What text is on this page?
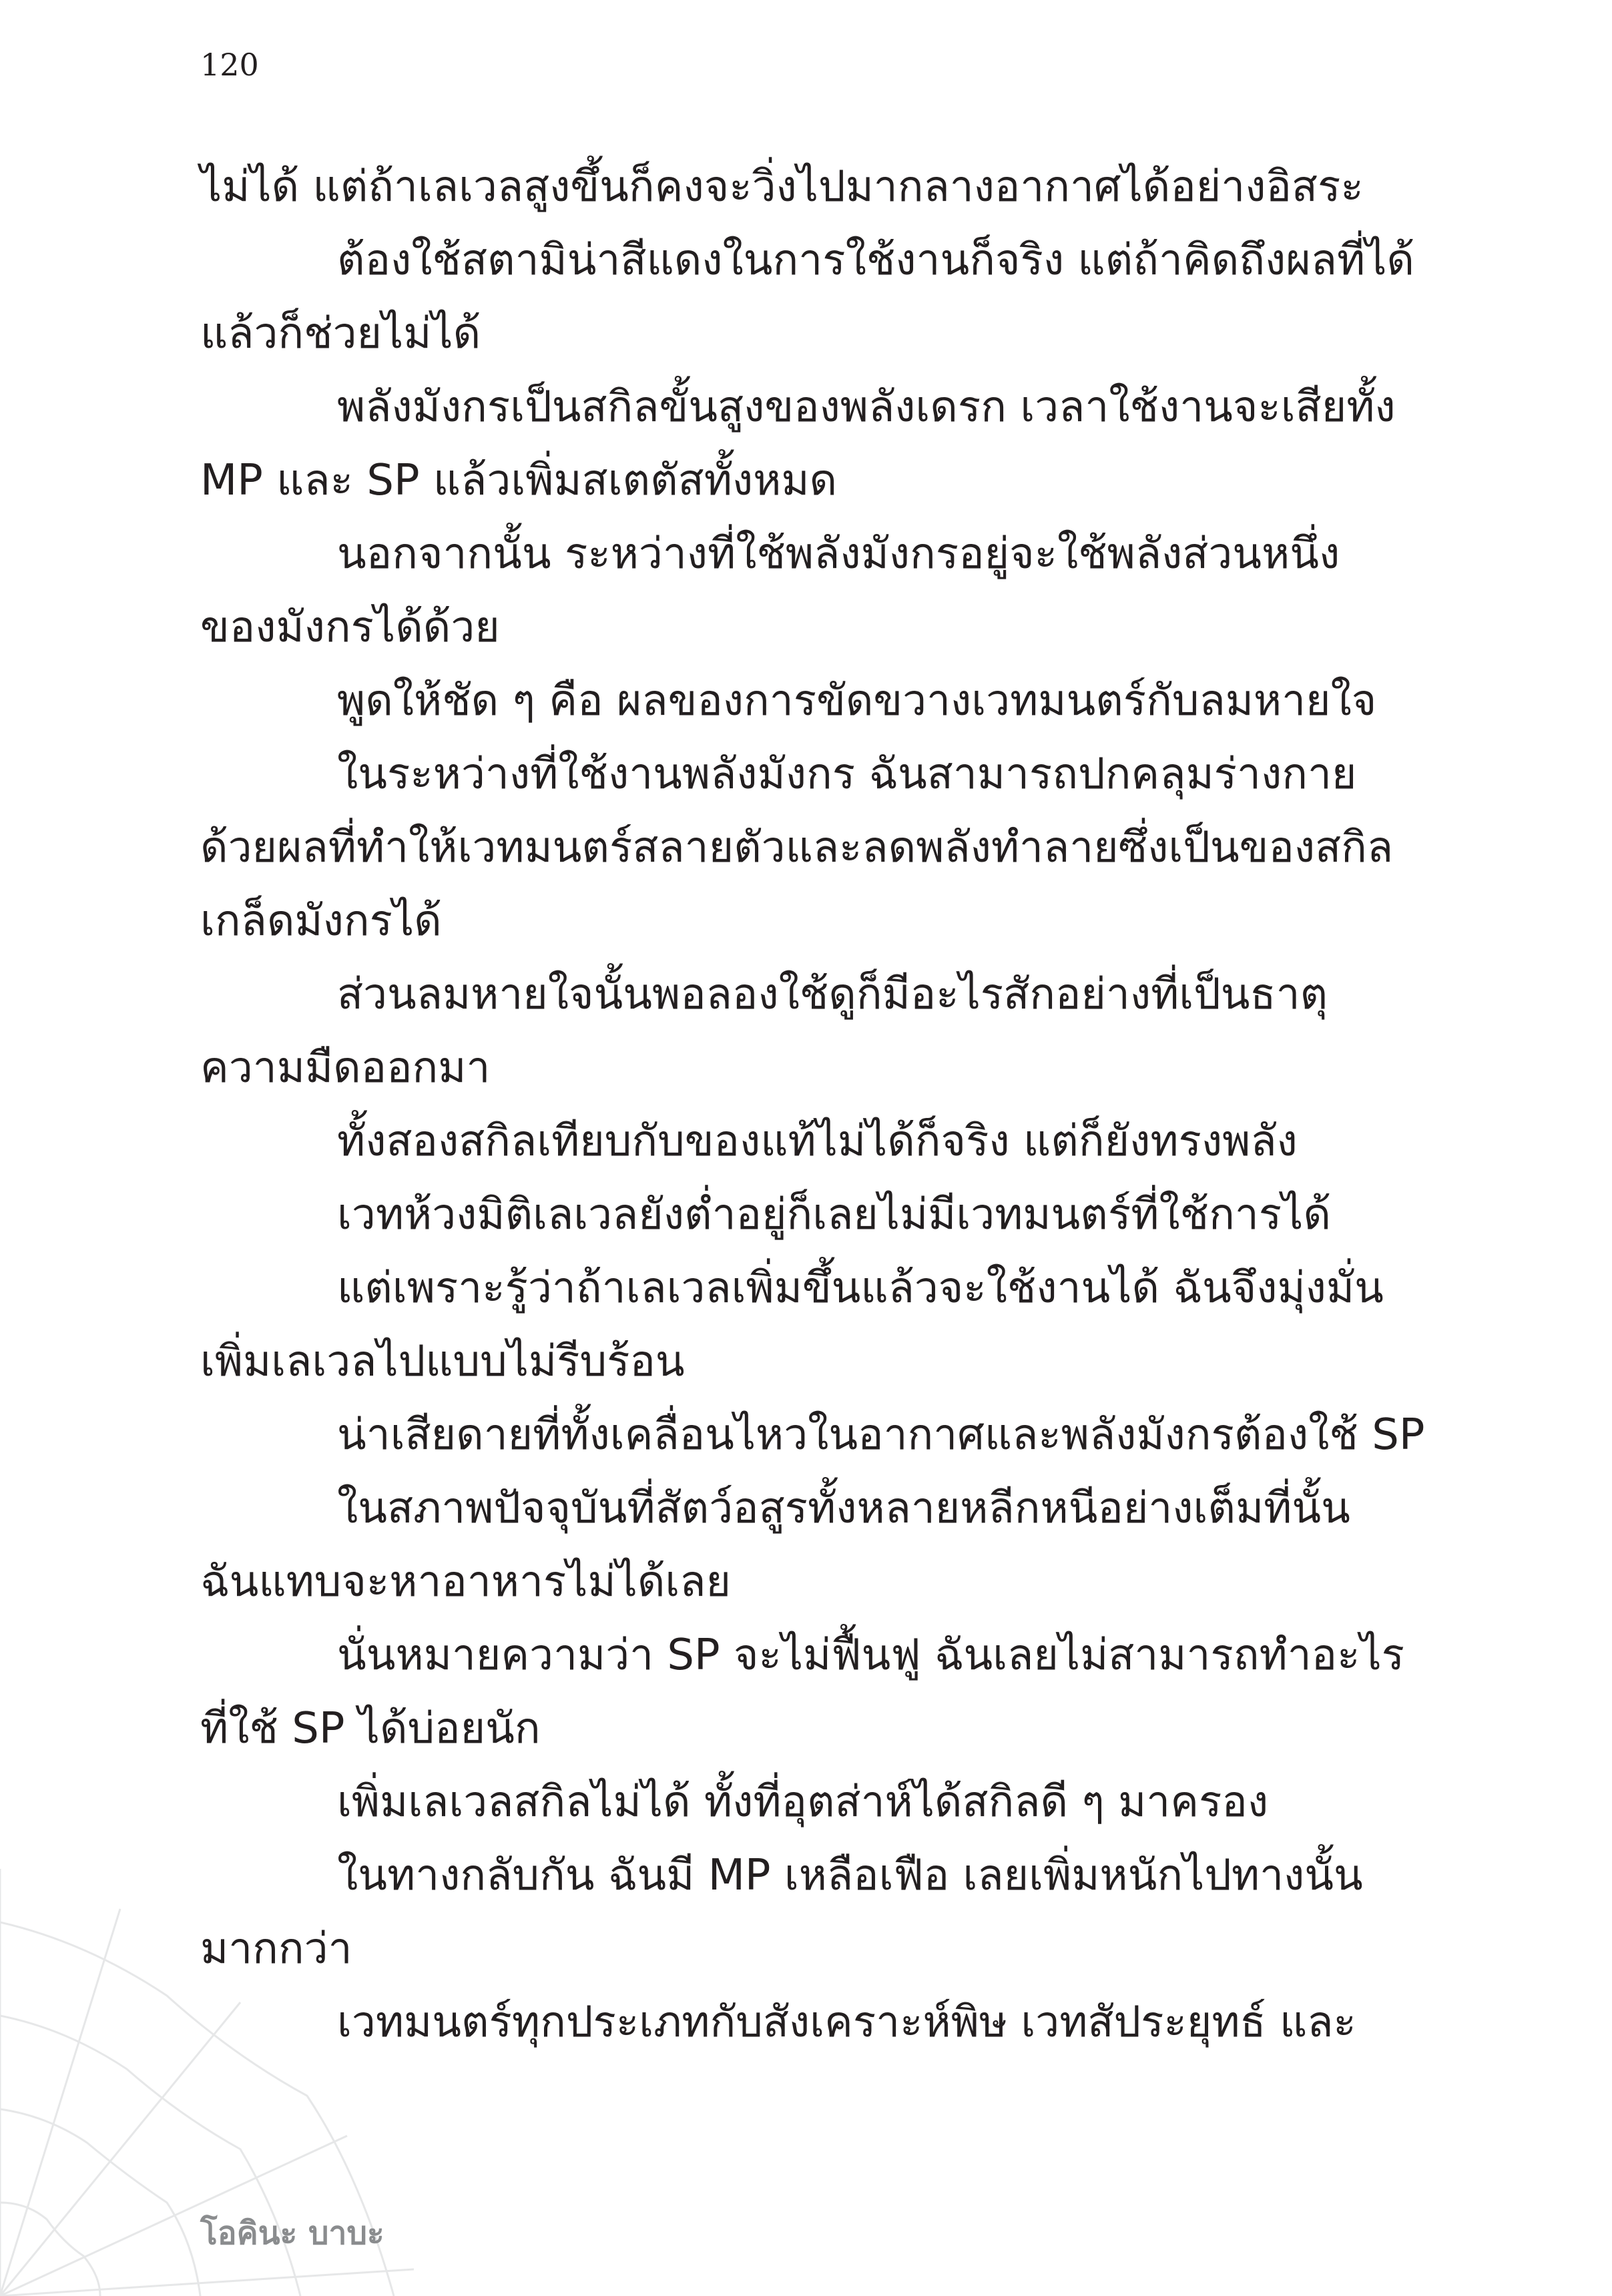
120

ไม่ได้ แต่ถ้าเลเวลสูงขึ้นก็คงจะวิ่งไปมากลางอากาศได้อย่างอิสระ

ต้องใช้สตามิน่าสีแดงในการใช้งานก็จริง แต่ถ้าคิดถึงผลที่ได้

แล้วก็ช่วยไม่ได้

พลังมังกรเป็นสกิลขั้นสูงของพลังเดรก เวลาใช้งานจะเสียทั้ง

MP และ SP แล้วเพิ่มสเตตัสทั้งหมด

นอกจากนั้น ระหว่างที่ใช้พลังมังกรอยู่จะใช้พลังส่วนหนึ่ง

ของมังกรได้ด้วย

พูดให้ชัด ๆ คือ ผลของการขัดขวางเวทมนตร์กับลมหายใจ

ในระหว่างที่ใช้งานพลังมังกร ฉันสามารถปกคลุมร่างกาย

ด้วยผลที่ทำให้เวทมนตร์สลายตัวและลดพลังทำลายซึ่งเป็นของสกิล

เกล็ดมังกรได้

ส่วนลมหายใจนั้นพอลองใช้ดูก็มีอะไรสักอย่างที่เป็นธาตุ

ความมืดออกมา

ทั้งสองสกิลเทียบกับของแท้ไม่ได้ก็จริง แต่ก็ยังทรงพลัง

เวทห้วงมิติเลเวลยังต่ำอยู่ก็เลยไม่มีเวทมนตร์ที่ใช้การได้

แต่เพราะรู้ว่าถ้าเลเวลเพิ่มขึ้นแล้วจะใช้งานได้ ฉันจึงมุ่งมั่น

เพิ่มเลเวลไปแบบไม่รีบร้อน

น่าเสียดายที่ทั้งเคลื่อนไหวในอากาศและพลังมังกรต้องใช้ SP

ในสภาพปัจจุบันที่สัตว์อสูรทั้งหลายหลีกหนีอย่างเต็มที่นั้น

ฉันแทบจะหาอาหารไม่ได้เลย

นั่นหมายความว่า SP จะไม่ฟื้นฟู ฉันเลยไม่สามารถทำอะไร

ที่ใช้ SP ได้บ่อยนัก

เพิ่มเลเวลสกิลไม่ได้ ทั้งที่อุตส่าห์ได้สกิลดี ๆ มาครอง

ในทางกลับกัน ฉันมี MP เหลือเฟือ เลยเพิ่มหนักไปทางนั้น

มากกว่า

เวทมนตร์ทุกประเภทกับสังเคราะห์พิษ เวทสัประยุทธ์ และ

โอคินะ บาบะ
